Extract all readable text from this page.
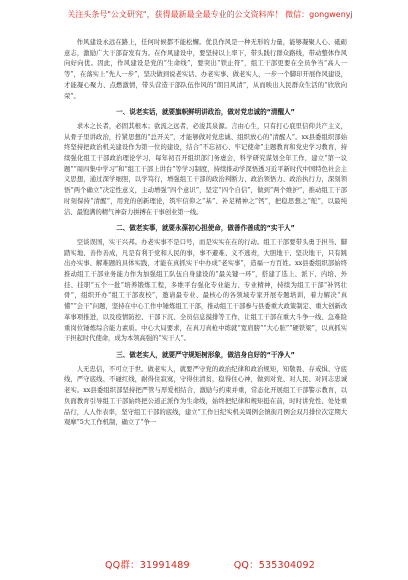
关注头条号"公文研究"，获得最新最全最专业的公文资料库！ 微信：gongwenyj

作风建设永远在路上，任何时候都不能松懈。优良作风是一种无形的力量，能够凝聚人心、砥砺意志，激励广大干部奋发有为。在作风建设中，要坚持以上率下，带头践行群众路线，带动整体作风向好向优。因此，作风建设是党的“生命线”，要突出“铁止符”，组工干部更要在全员争当“高人一等”，在落实上“先人一步”，坚决做到说老实话、办老实事、做老实人，一步一个脚印开展作风建设，才能凝心聚力、点燃激情，带头营造干部队伍作风的“朗目风清”，从而映出人民群众生活的“欣欣向荣”。

一、说老实话，就要旗帜鲜明讲政治，做对党忠诚的“清醒人”

求木之长者，必固其根本；欲流之远者，必浚其泉源。言由心生，只有打心底里信仰共产主义，从骨子里讲政治，拧紧思想的“总开关”，才能够做对党忠诚、组织放心的“清醒人”。xx县委组织部始终坚持把政治机关建设作为第一位的建设，结合“不忘初心、牢记使命”主题教育和党史学习教育，持续强化组工干部政治理论学习，每年初召开组织部门务虚会，科学研究谋划全年工作，建立“第一议题”“周四集中学习”和“组工干部上讲台”等学习制度，持续推动学深悟透习近平新时代中国特色社会主义思想，通过深学细照，以学笃行，增强组工干部的政治判断力、政治领悟力、政治执行力，深刻领悟“两个确立”决定性意义，主动增强“四个意识”，坚定“四个自信”，做到“两个维护”，推动组工干部时刻保持“清醒”，用党的创新理论，筑牢信仰之“基”、补足精神之“钙”，把稳思想之“舵”，以最纯洁、最饱满的精气神奋力拼搏在干事创业第一线。

二、做老实事，就要永葆初心担使命，做善作善成的“实干人”

空谈误国，实干兴邦。办老实事不是口号，而是实实在在的行动。组工干部要带头勇于担当、脚踏实地、善作善成，凡是有利于党和人民的事，事不避难、义不逃责，大胆地干、坚决地干，只有跳出办实事、解难题的具体实践，才能在真抓实干中办成“老实事”，造福一方百姓。xx县委组织部始终推动组工干部业务能力作为加强组工队伍自身建设的“最关键一环”，搭建了选上、派下、内培、外挂、挂职“五个一批”培养锻炼工程，多维平台强化专业能力、专业精神，持续为组工干部“补钙壮骨”，组织开办“组工干部夜校”，邀请最专业、最核心的各领域专家开展专题培训，着力解决“真懂”“会干”问题，坚持在中心工作中锤炼组工干部，推动组工干部参与县委重大政策制定、重大创新改革事项推进，以及疫情防控、干部下沉、全员信息摸排等工作，让组工干部在重大斗争一线、急难险重岗位锤炼综合能力素质。中心大局要求，在真刀真枪中练就“宽肩膀”“大心脏”“硬铁梁”，以真抓实干担起时代使命，成为本领高强的“实干人”。

三、做老实人，就要严守规矩树形象，做洁身自好的“干净人”

人无忠信，不可立于世。做老实人，就要严守党的政治纪律和政治规矩，知敬畏、存戒惧、守底线，严守底线、不碰红线，耐得住寂寞，守得住清贫，稳得住心神，做到对党、对人民、对同志忠诚老实。xx县委组织部坚持把严管与厚爱相结合，激励与约束并重，常态化开展组工干部警示教育，以负面教育引导组工干部始终把公道正派作为生命线，始终把纪律和规矩挺在前，时时讲党性、处处重品行，人人作表率，坚守组工干部的底线，建立“工作日纪实机关周例会镇街月例会双月排位次定期大观摩”5大工作机制，确立了“争一

QQ群：31991489	QQ：535304092
